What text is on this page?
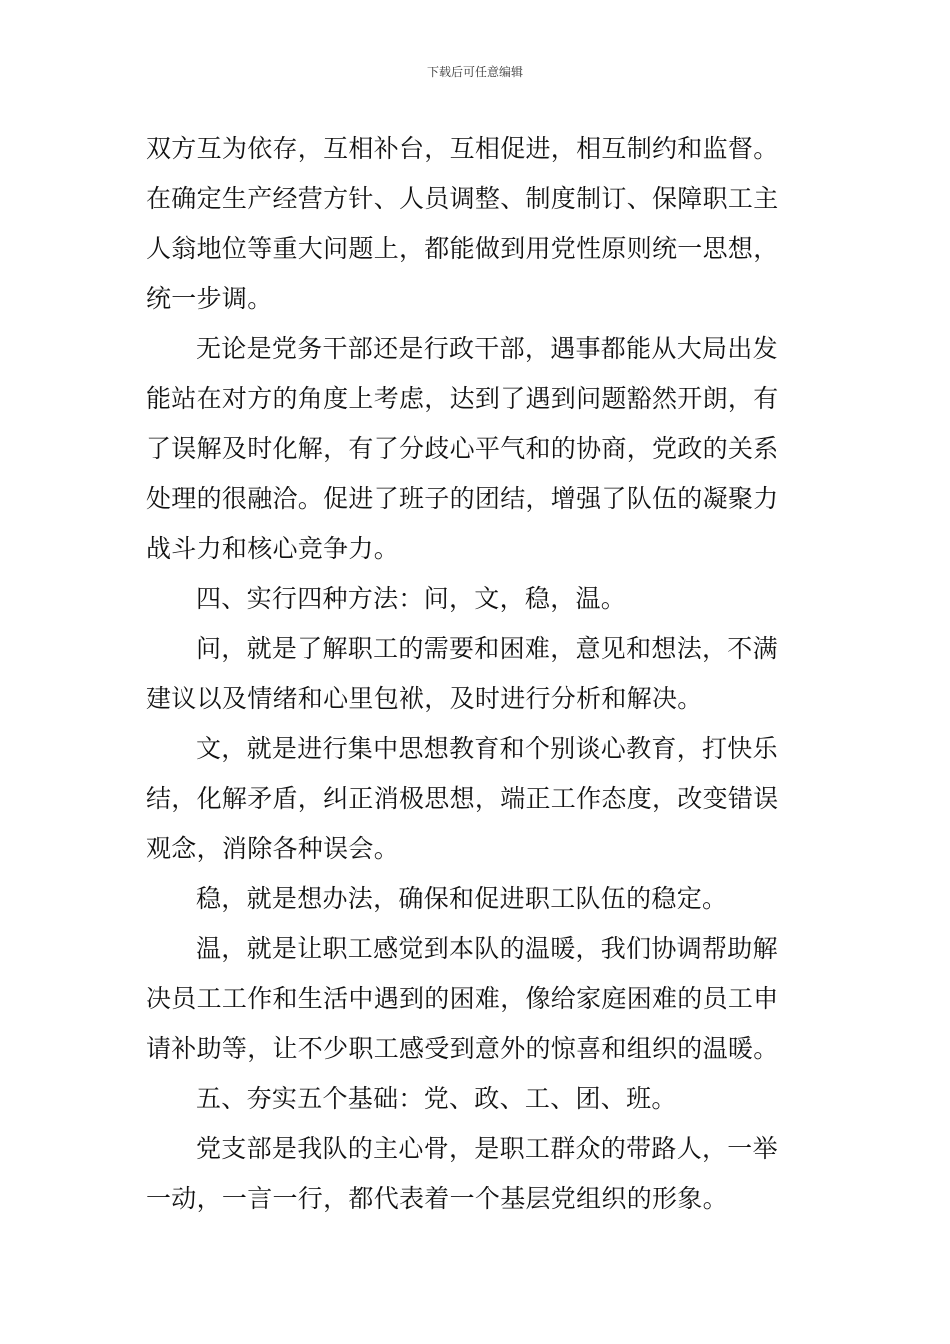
下载后可任意编辑
双方互为依存，互相补台，互相促进，相互制约和监督。
在确定生产经营方针、人员调整、制度制订、保障职工主
人翁地位等重大问题上，都能做到用党性原则统一思想，
统一步调。
无论是党务干部还是行政干部，遇事都能从大局出发
能站在对方的角度上考虑，达到了遇到问题豁然开朗，有
了误解及时化解，有了分歧心平气和的协商，党政的关系
处理的很融洽。促进了班子的团结，增强了队伍的凝聚力
战斗力和核心竞争力。
四、实行四种方法：问，文，稳，温。
问，就是了解职工的需要和困难，意见和想法，不满
建议以及情绪和心里包袱，及时进行分析和解决。
文，就是进行集中思想教育和个别谈心教育，打快乐
结，化解矛盾，纠正消极思想，端正工作态度，改变错误
观念，消除各种误会。
稳，就是想办法，确保和促进职工队伍的稳定。
温，就是让职工感觉到本队的温暖，我们协调帮助解
决员工工作和生活中遇到的困难，像给家庭困难的员工申
请补助等，让不少职工感受到意外的惊喜和组织的温暖。
五、夯实五个基础：党、政、工、团、班。
党支部是我队的主心骨，是职工群众的带路人，一举
一动，一言一行，都代表着一个基层党组织的形象。
